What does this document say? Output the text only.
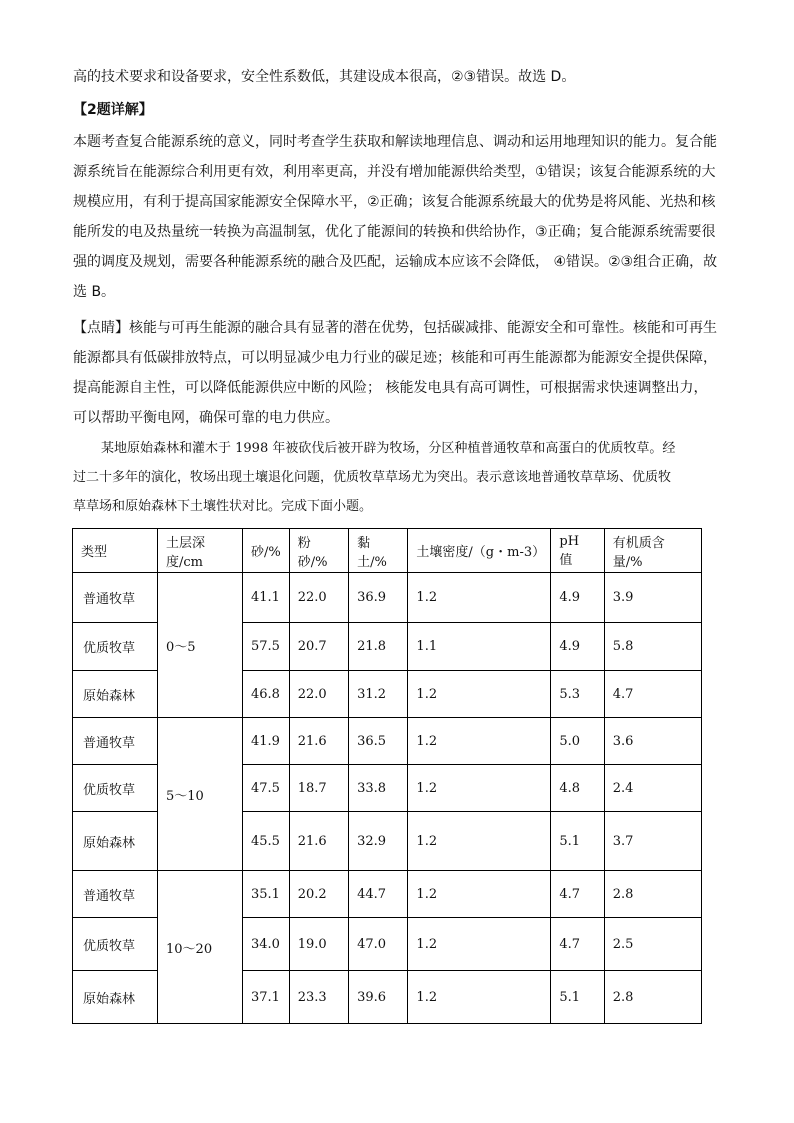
高的技术要求和设备要求，安全性系数低，其建设成本很高，②③错误。故选 D。

【2题详解】

本题考查复合能源系统的意义，同时考查学生获取和解读地理信息、调动和运用地理知识的能力。复合能
源系统旨在能源综合利用更有效，利用率更高，并没有增加能源供给类型，①错误；该复合能源系统的大
规模应用，有利于提高国家能源安全保障水平，②正确；该复合能源系统最大的优势是将风能、光热和核
能所发的电及热量统一转换为高温制氢，优化了能源间的转换和供给协作，③正确；复合能源系统需要很
强的调度及规划，需要各种能源系统的融合及匹配，运输成本应该不会降低， ④错误。②③组合正确，故
选 B。

【点睛】核能与可再生能源的融合具有显著的潜在优势，包括碳减排、能源安全和可靠性。核能和可再生
能源都具有低碳排放特点，可以明显减少电力行业的碳足迹；核能和可再生能源都为能源安全提供保障，
提高能源自主性，可以降低能源供应中断的风险； 核能发电具有高可调性，可根据需求快速调整出力，
可以帮助平衡电网，确保可靠的电力供应。

某地原始森林和灌木于 1998 年被砍伐后被开辟为牧场，分区种植普通牧草和高蛋白的优质牧草。经
过二十多年的演化，牧场出现土壤退化问题，优质牧草草场尤为突出。表示意该地普通牧草草场、优质牧
草草场和原始森林下土壤性状对比。完成下面小题。

类型	土层深度/cm	砂/%	粉砂/%	黏土/%	土壤密度/（g・m-3）	pH 值	有机质含量/%
普通牧草	0～5	41.1	22.0	36.9	1.2	4.9	3.9
优质牧草		57.5	20.7	21.8	1.1	4.9	5.8
原始森林		46.8	22.0	31.2	1.2	5.3	4.7
普通牧草	5～10	41.9	21.6	36.5	1.2	5.0	3.6
优质牧草		47.5	18.7	33.8	1.2	4.8	2.4
原始森林		45.5	21.6	32.9	1.2	5.1	3.7
普通牧草	10～20	35.1	20.2	44.7	1.2	4.7	2.8
优质牧草		34.0	19.0	47.0	1.2	4.7	2.5
原始森林		37.1	23.3	39.6	1.2	5.1	2.8
